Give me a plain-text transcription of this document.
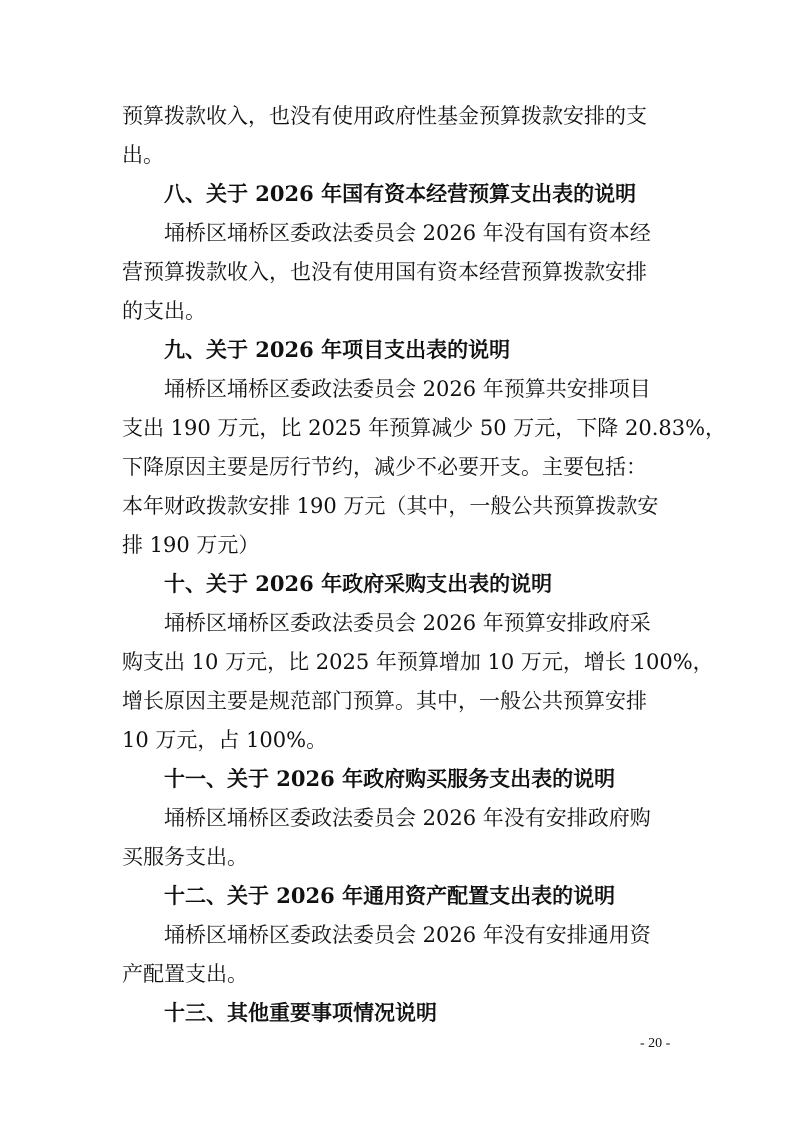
预算拨款收入，也没有使用政府性基金预算拨款安排的支
出。
八、关于 2026 年国有资本经营预算支出表的说明
埇桥区埇桥区委政法委员会 2026 年没有国有资本经
营预算拨款收入，也没有使用国有资本经营预算拨款安排
的支出。
九、关于 2026 年项目支出表的说明
埇桥区埇桥区委政法委员会 2026 年预算共安排项目
支出 190 万元，比 2025 年预算减少 50 万元，下降 20.83%，
下降原因主要是厉行节约，减少不必要开支。主要包括：
本年财政拨款安排 190 万元（其中，一般公共预算拨款安
排 190 万元）
十、关于 2026 年政府采购支出表的说明
埇桥区埇桥区委政法委员会 2026 年预算安排政府采
购支出 10 万元，比 2025 年预算增加 10 万元，增长 100%，
增长原因主要是规范部门预算。其中，一般公共预算安排
10 万元，占 100%。
十一、关于 2026 年政府购买服务支出表的说明
埇桥区埇桥区委政法委员会 2026 年没有安排政府购
买服务支出。
十二、关于 2026 年通用资产配置支出表的说明
埇桥区埇桥区委政法委员会 2026 年没有安排通用资
产配置支出。
十三、其他重要事项情况说明
- 20 -
